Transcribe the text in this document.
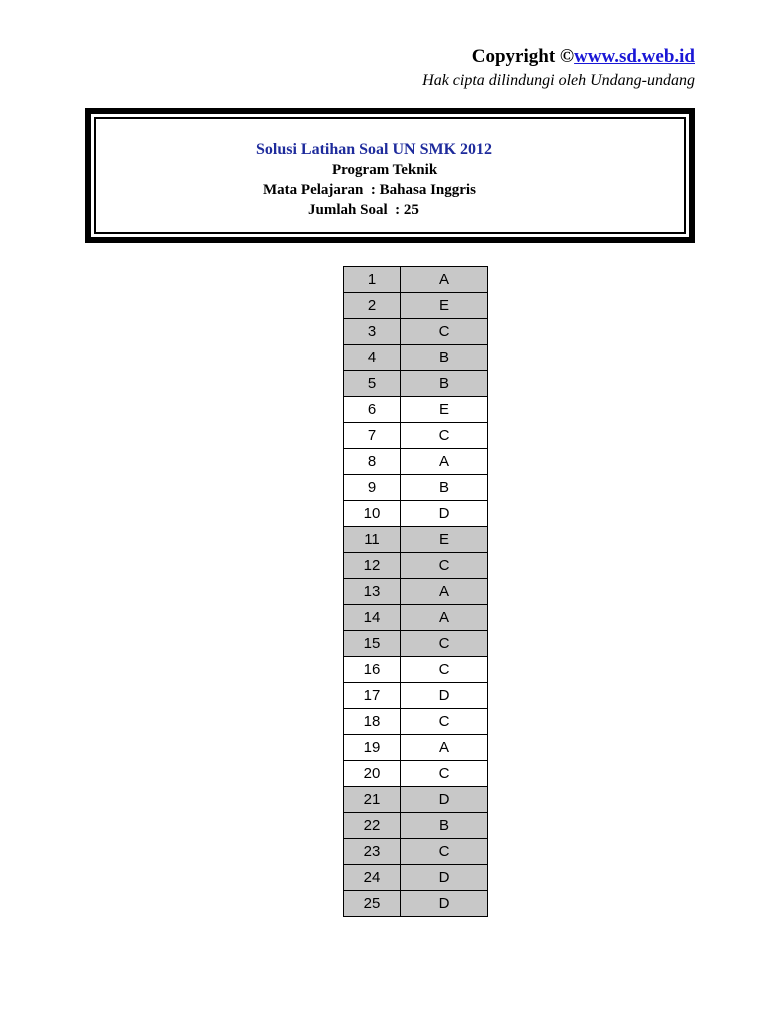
Copyright ©www.sd.web.id
Hak cipta dilindungi oleh Undang-undang
Solusi Latihan Soal UN SMK 2012
Program Teknik
Mata Pelajaran  : Bahasa Inggris
Jumlah Soal  : 25
1	A
2	E
3	C
4	B
5	B
6	E
7	C
8	A
9	B
10	D
11	E
12	C
13	A
14	A
15	C
16	C
17	D
18	C
19	A
20	C
21	D
22	B
23	C
24	D
25	D
